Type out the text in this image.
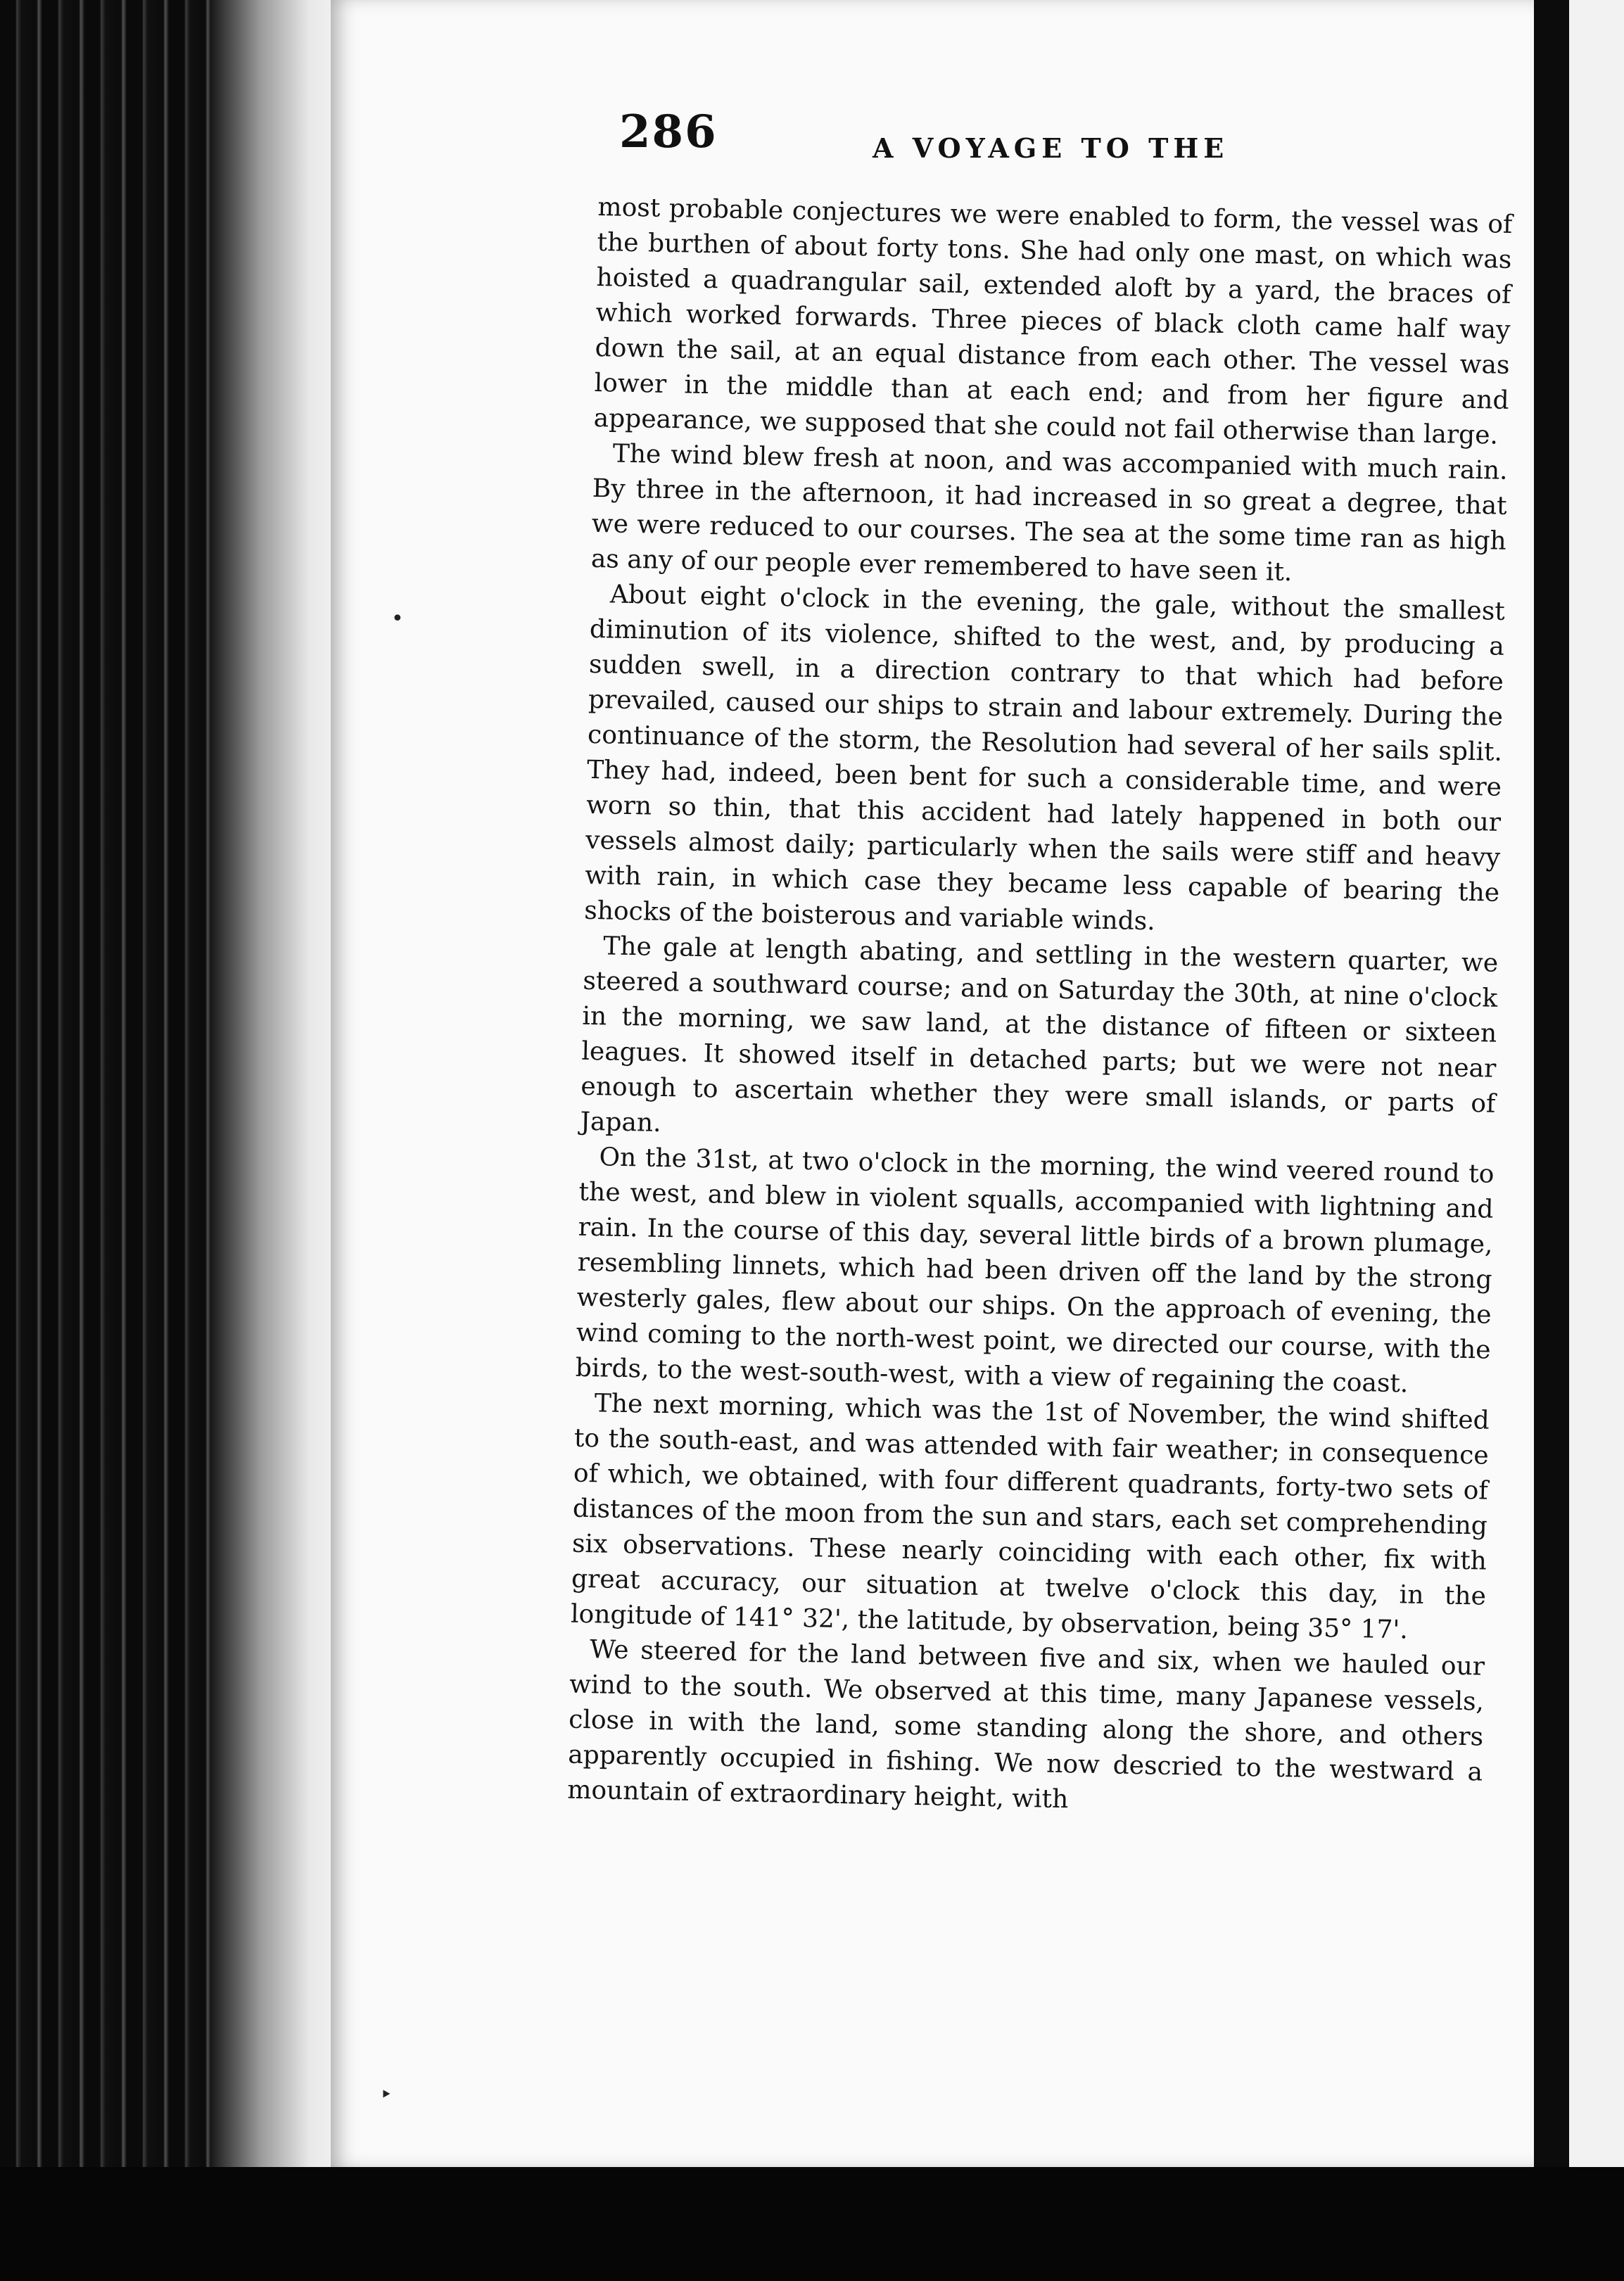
286	A VOYAGE TO THE
•
‣

most probable conjectures we were enabled to form, the vessel was of the burthen of about forty tons. She had only one mast, on which was hoisted a quadrangular sail, extended aloft by a yard, the braces of which worked forwards. Three pieces of black cloth came half way down the sail, at an equal distance from each other. The vessel was lower in the middle than at each end; and from her figure and appearance, we supposed that she could not fail otherwise than large.

The wind blew fresh at noon, and was accompanied with much rain. By three in the afternoon, it had increased in so great a degree, that we were reduced to our courses. The sea at the some time ran as high as any of our people ever remembered to have seen it.

About eight o'clock in the evening, the gale, without the smallest diminution of its violence, shifted to the west, and, by producing a sudden swell, in a direction contrary to that which had before prevailed, caused our ships to strain and labour extremely. During the continuance of the storm, the Resolution had several of her sails split. They had, indeed, been bent for such a considerable time, and were worn so thin, that this accident had lately happened in both our vessels almost daily; particularly when the sails were stiff and heavy with rain, in which case they became less capable of bearing the shocks of the boisterous and variable winds.

The gale at length abating, and settling in the western quarter, we steered a southward course; and on Saturday the 30th, at nine o'clock in the morning, we saw land, at the distance of fifteen or sixteen leagues. It showed itself in detached parts; but we were not near enough to ascertain whether they were small islands, or parts of Japan.

On the 31st, at two o'clock in the morning, the wind veered round to the west, and blew in violent squalls, accompanied with lightning and rain. In the course of this day, several little birds of a brown plumage, resembling linnets, which had been driven off the land by the strong westerly gales, flew about our ships. On the approach of evening, the wind coming to the north-west point, we directed our course, with the birds, to the west-south-west, with a view of regaining the coast.

The next morning, which was the 1st of November, the wind shifted to the south-east, and was attended with fair weather; in consequence of which, we obtained, with four different quadrants, forty-two sets of distances of the moon from the sun and stars, each set comprehending six observations. These nearly coinciding with each other, fix with great accuracy, our situation at twelve o'clock this day, in the longitude of 141° 32', the latitude, by observation, being 35° 17'.

We steered for the land between five and six, when we hauled our wind to the south. We observed at this time, many Japanese vessels, close in with the land, some standing along the shore, and others apparently occupied in fishing. We now descried to the westward a mountain of extraordinary height, with
